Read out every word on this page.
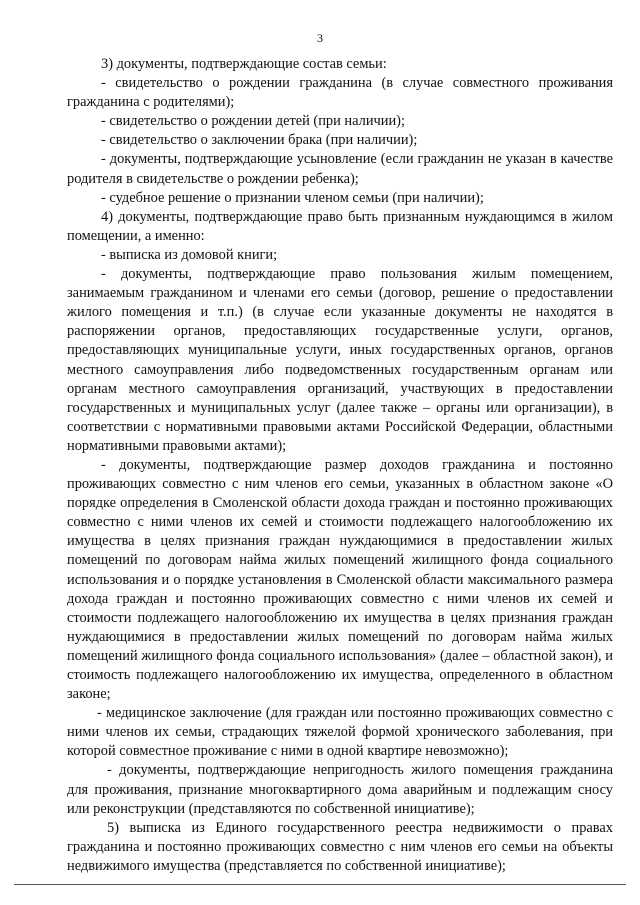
3

3) документы, подтверждающие состав семьи:

- свидетельство о рождении гражданина (в случае совместного проживания гражданина с родителями);

- свидетельство о рождении детей (при наличии);

- свидетельство о заключении брака (при наличии);

- документы, подтверждающие усыновление (если гражданин не указан в качестве родителя в свидетельстве о рождении ребенка);

- судебное решение о признании членом семьи (при наличии);

4) документы, подтверждающие право быть признанным нуждающимся в жилом помещении, а именно:

- выписка из домовой книги;

- документы, подтверждающие право пользования жилым помещением, занимаемым гражданином и членами его семьи (договор, решение о предоставлении жилого помещения и т.п.) (в случае если указанные документы не находятся в распоряжении органов, предоставляющих государственные услуги, органов, предоставляющих муниципальные услуги, иных государственных органов, органов местного самоуправления либо подведомственных государственным органам или органам местного самоуправления организаций, участвующих в предоставлении государственных и муниципальных услуг (далее также – органы или организации), в соответствии с нормативными правовыми актами Российской Федерации, областными нормативными правовыми актами);

- документы, подтверждающие размер доходов гражданина и постоянно проживающих совместно с ним членов его семьи, указанных в областном законе «О порядке определения в Смоленской области дохода граждан и постоянно проживающих совместно с ними членов их семей и стоимости подлежащего налогообложению их имущества в целях признания граждан нуждающимися в предоставлении жилых помещений по договорам найма жилых помещений жилищного фонда социального использования и о порядке установления в Смоленской области максимального размера дохода граждан и постоянно проживающих совместно с ними членов их семей и стоимости подлежащего налогообложению их имущества в целях признания граждан нуждающимися в предоставлении жилых помещений по договорам найма жилых помещений жилищного фонда социального использования» (далее – областной закон), и стоимость подлежащего налогообложению их имущества, определенного в областном законе;

- медицинское заключение (для граждан или постоянно проживающих совместно с ними членов их семьи, страдающих тяжелой формой хронического заболевания, при которой совместное проживание с ними в одной квартире невозможно);

- документы, подтверждающие непригодность жилого помещения гражданина для проживания, признание многоквартирного дома аварийным и подлежащим сносу или реконструкции (представляются по собственной инициативе);

5) выписка из Единого государственного реестра недвижимости о правах гражданина и постоянно проживающих совместно с ним членов его семьи на объекты недвижимого имущества (представляется по собственной инициативе);
